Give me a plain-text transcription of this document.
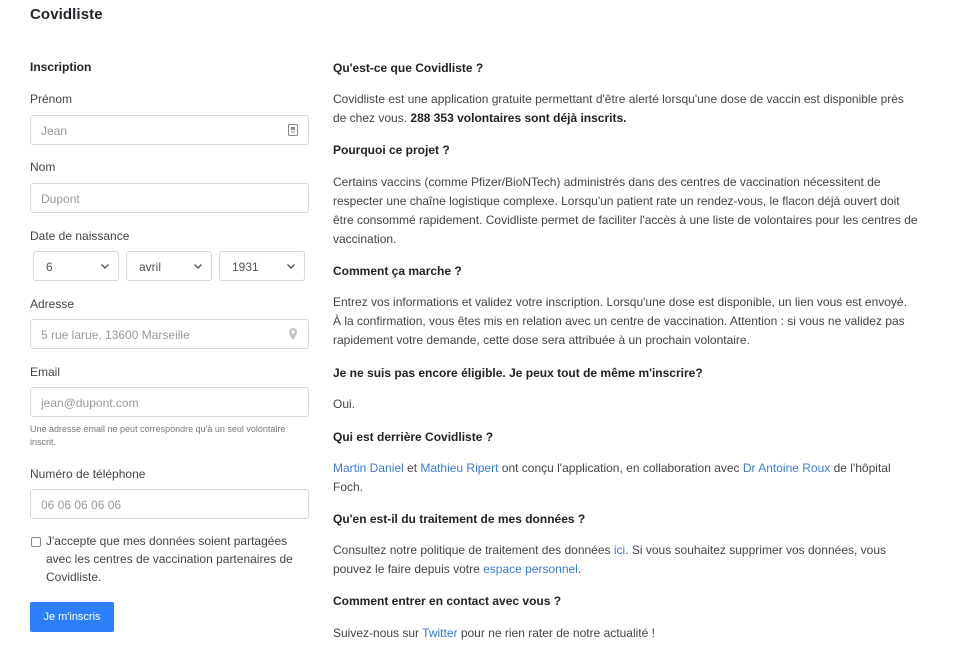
Covidliste
Inscription
Prénom
Jean
Nom
Dupont
Date de naissance
6	avril	1931
Adresse
5 rue larue, 13600 Marseille
Email
jean@dupont.com
Une adresse email ne peut correspondre qu'à un seul volontaire inscrit.
Numéro de téléphone
06 06 06 06 06
J'accepte que mes données soient partagées avec les centres de vaccination partenaires de Covidliste.
Je m'inscris
Qu'est-ce que Covidliste ?
Covidliste est une application gratuite permettant d'être alerté lorsqu'une dose de vaccin est disponible près de chez vous. 288 353 volontaires sont déjà inscrits.
Pourquoi ce projet ?
Certains vaccins (comme Pfizer/BioNTech) administrés dans des centres de vaccination nécessitent de respecter une chaîne logistique complexe. Lorsqu'un patient rate un rendez-vous, le flacon déjà ouvert doit être consommé rapidement. Covidliste permet de faciliter l'accès à une liste de volontaires pour les centres de vaccination.
Comment ça marche ?
Entrez vos informations et validez votre inscription. Lorsqu'une dose est disponible, un lien vous est envoyé. À la confirmation, vous êtes mis en relation avec un centre de vaccination. Attention : si vous ne validez pas rapidement votre demande, cette dose sera attribuée à un prochain volontaire.
Je ne suis pas encore éligible. Je peux tout de même m'inscrire?
Oui.
Qui est derrière Covidliste ?
Martin Daniel et Mathieu Ripert ont conçu l'application, en collaboration avec Dr Antoine Roux de l'hôpital Foch.
Qu'en est-il du traitement de mes données ?
Consultez notre politique de traitement des données ici. Si vous souhaitez supprimer vos données, vous pouvez le faire depuis votre espace personnel.
Comment entrer en contact avec vous ?
Suivez-nous sur Twitter pour ne rien rater de notre actualité !
